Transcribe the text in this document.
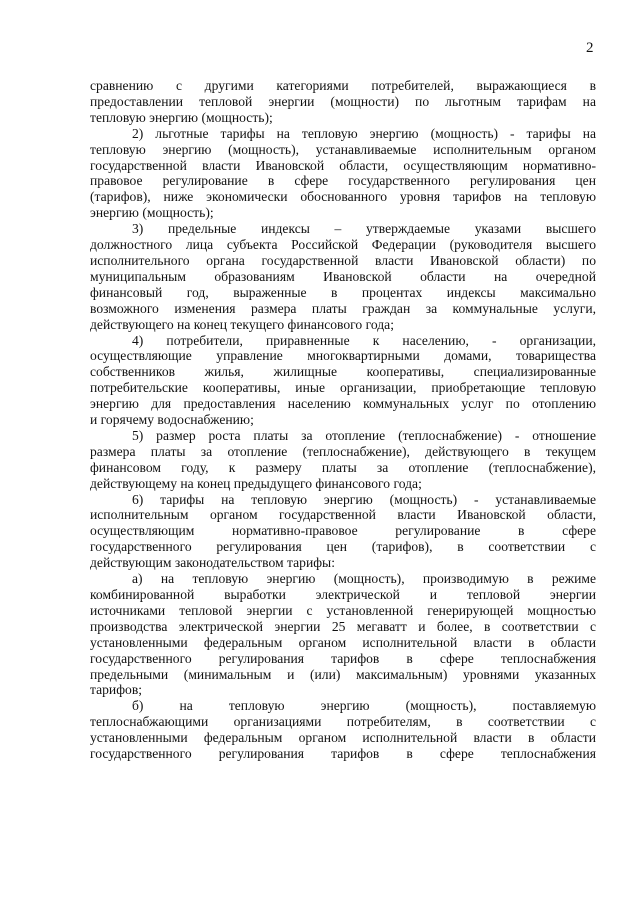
2
сравнению с другими категориями потребителей, выражающиеся в
предоставлении тепловой энергии (мощности) по льготным тарифам на
тепловую энергию (мощность);
2) льготные тарифы на тепловую энергию (мощность) - тарифы на
тепловую энергию (мощность), устанавливаемые исполнительным органом
государственной власти Ивановской области, осуществляющим нормативно-
правовое регулирование в сфере государственного регулирования цен
(тарифов), ниже экономически обоснованного уровня тарифов на тепловую
энергию (мощность);
3) предельные индексы – утверждаемые указами высшего
должностного лица субъекта Российской Федерации (руководителя высшего
исполнительного органа государственной власти Ивановской области) по
муниципальным образованиям Ивановской области на очередной
финансовый год, выраженные в процентах индексы максимально
возможного изменения размера платы граждан за коммунальные услуги,
действующего на конец текущего финансового года;
4) потребители, приравненные к населению, - организации,
осуществляющие управление многоквартирными домами, товарищества
собственников жилья, жилищные кооперативы, специализированные
потребительские кооперативы, иные организации, приобретающие тепловую
энергию для предоставления населению коммунальных услуг по отоплению
и горячему водоснабжению;
5) размер роста платы за отопление (теплоснабжение) - отношение
размера платы за отопление (теплоснабжение), действующего в текущем
финансовом году, к размеру платы за отопление (теплоснабжение),
действующему на конец предыдущего финансового года;
6) тарифы на тепловую энергию (мощность) - устанавливаемые
исполнительным органом государственной власти Ивановской области,
осуществляющим нормативно-правовое регулирование в сфере
государственного регулирования цен (тарифов), в соответствии с
действующим законодательством тарифы:
а) на тепловую энергию (мощность), производимую в режиме
комбинированной выработки электрической и тепловой энергии
источниками тепловой энергии с установленной генерирующей мощностью
производства электрической энергии 25 мегаватт и более, в соответствии с
установленными федеральным органом исполнительной власти в области
государственного регулирования тарифов в сфере теплоснабжения
предельными (минимальным и (или) максимальным) уровнями указанных
тарифов;
б) на тепловую энергию (мощность), поставляемую
теплоснабжающими организациями потребителям, в соответствии с
установленными федеральным органом исполнительной власти в области
государственного регулирования тарифов в сфере теплоснабжения
